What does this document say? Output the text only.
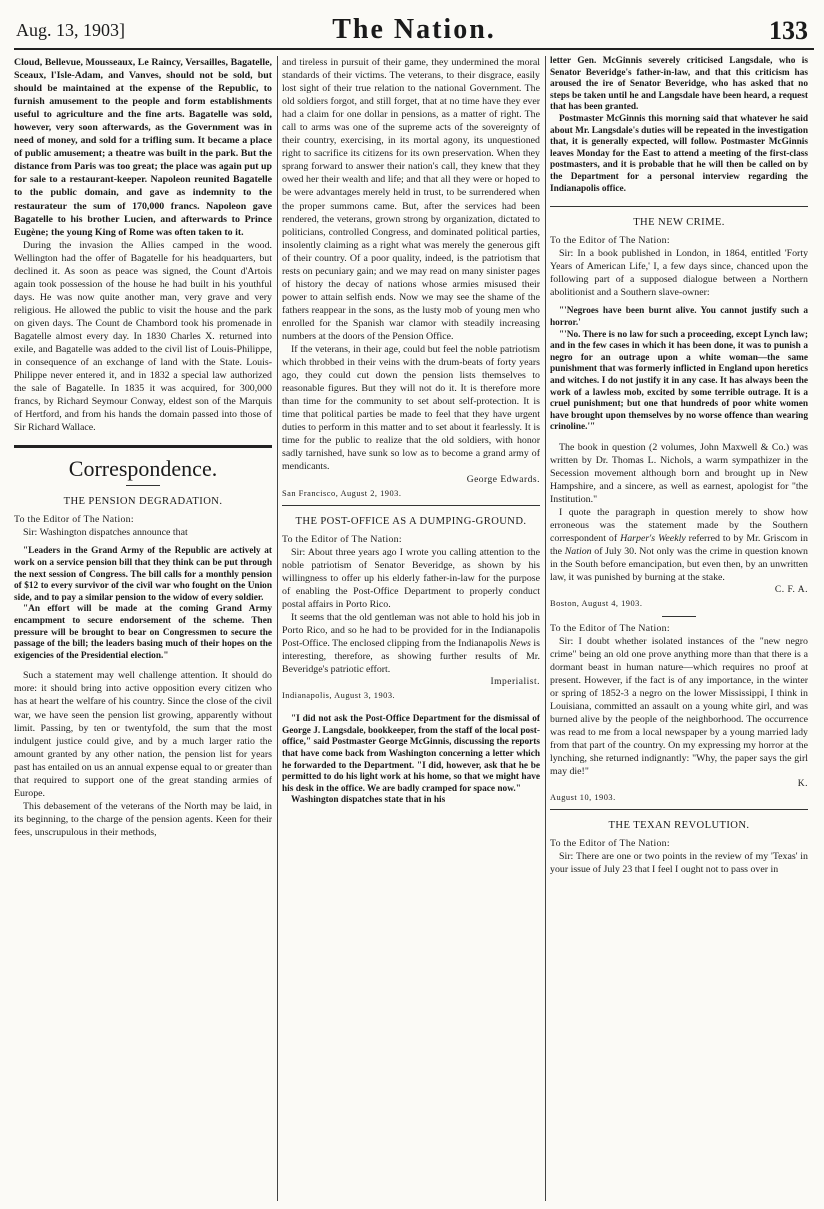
Aug. 13, 1903]	The Nation.	133

Cloud, Bellevue, Mousseaux, Le Raincy, Versailles, Bagatelle, Sceaux, l'Isle-Adam, and Vanves, should not be sold, but should be maintained at the expense of the Republic, to furnish amusement to the people and form establishments useful to agriculture and the fine arts. Bagatelle was sold, however, very soon afterwards, as the Government was in need of money, and sold for a trifling sum. It became a place of public amusement; a theatre was built in the park. But the distance from Paris was too great; the place was again put up for sale to a restaurant-keeper. Napoleon reunited Bagatelle to the public domain, and gave as indemnity to the restaurateur the sum of 170,000 francs. Napoleon gave Bagatelle to his brother Lucien, and afterwards to Prince Eugène; the young King of Rome was often taken to it.

During the invasion the Allies camped in the wood. Wellington had the offer of Bagatelle for his headquarters, but declined it. As soon as peace was signed, the Count d'Artois again took possession of the house he had built in his youthful days. He was now quite another man, very grave and very religious. He allowed the public to visit the house and the park on given days. The Count de Chambord took his promenade in Bagatelle almost every day. In 1830 Charles X. returned into exile, and Bagatelle was added to the civil list of Louis-Philippe, in consequence of an exchange of land with the State. Louis-Philippe never entered it, and in 1832 a special law authorized the sale of Bagatelle. In 1835 it was acquired, for 300,000 francs, by Richard Seymour Conway, eldest son of the Marquis of Hertford, and from his hands the domain passed into those of Sir Richard Wallace.

Correspondence.
THE PENSION DEGRADATION.

To the Editor of The Nation:

Sir: Washington dispatches announce that

"Leaders in the Grand Army of the Republic are actively at work on a service pension bill that they think can be put through the next session of Congress. The bill calls for a monthly pension of $12 to every survivor of the civil war who fought on the Union side, and to pay a similar pension to the widow of every soldier.

"An effort will be made at the coming Grand Army encampment to secure endorsement of the scheme. Then pressure will be brought to bear on Congressmen to secure the passage of the bill; the leaders basing much of their hopes on the exigencies of the Presidential election."

Such a statement may well challenge attention. It should do more: it should bring into active opposition every citizen who has at heart the welfare of his country. Since the close of the civil war, we have seen the pension list growing, apparently without limit. Passing, by ten or twentyfold, the sum that the most indulgent justice could give, and by a much larger ratio the amount granted by any other nation, the pension list for years past has entailed on us an annual expense equal to or greater than that required to support one of the great standing armies of Europe.

This debasement of the veterans of the North may be laid, in its beginning, to the charge of the pension agents. Keen for their fees, unscrupulous in their methods,

and tireless in pursuit of their game, they undermined the moral standards of their victims. The veterans, to their disgrace, easily lost sight of their true relation to the national Government. The old soldiers forgot, and still forget, that at no time have they ever had a claim for one dollar in pensions, as a matter of right. The call to arms was one of the supreme acts of the sovereignty of their country, exercising, in its mortal agony, its unquestioned right to sacrifice its citizens for its own preservation. When they sprang forward to answer their nation's call, they knew that they owed her their wealth and life; and that all they were or hoped to be were advantages merely held in trust, to be surrendered when the proper summons came. But, after the services had been rendered, the veterans, grown strong by organization, dictated to politicians, controlled Congress, and dominated political parties, insolently claiming as a right what was merely the generous gift of their country. Of a poor quality, indeed, is the patriotism that rests on pecuniary gain; and we may read on many sinister pages of history the decay of nations whose armies misused their power to attain selfish ends. Now we may see the shame of the fathers reappear in the sons, as the lusty mob of young men who enrolled for the Spanish war clamor with steadily increasing numbers at the doors of the Pension Office.

If the veterans, in their age, could but feel the noble patriotism which throbbed in their veins with the drum-beats of forty years ago, they could cut down the pension lists themselves to reasonable figures. But they will not do it. It is therefore more than time for the community to set about self-protection. It is time that political parties be made to feel that they have urgent duties to perform in this matter and to set about it fearlessly. It is time for the public to realize that the old soldiers, with honor sadly tarnished, have sunk so low as to become a grand army of mendicants.

George Edwards.

San Francisco, August 2, 1903.

THE POST-OFFICE AS A DUMPING-GROUND.

To the Editor of The Nation:

Sir: About three years ago I wrote you calling attention to the noble patriotism of Senator Beveridge, as shown by his willingness to offer up his elderly father-in-law for the purpose of enabling the Post-Office Department to properly conduct postal affairs in Porto Rico.

It seems that the old gentleman was not able to hold his job in Porto Rico, and so he had to be provided for in the Indianapolis Post-Office. The enclosed clipping from the Indianapolis News is interesting, therefore, as showing further results of Mr. Beveridge's patriotic effort.

Imperialist.

Indianapolis, August 3, 1903.

"I did not ask the Post-Office Department for the dismissal of George J. Langsdale, bookkeeper, from the staff of the local post-office," said Postmaster George McGinnis, discussing the reports that have come back from Washington concerning a letter which he forwarded to the Department. "I did, however, ask that he be permitted to do his light work at his home, so that we might have his desk in the office. We are badly cramped for space now."

Washington dispatches state that in his

letter Gen. McGinnis severely criticised Langsdale, who is Senator Beveridge's father-in-law, and that this criticism has aroused the ire of Senator Beveridge, who has asked that no steps be taken until he and Langsdale have been heard, a request that has been granted.

Postmaster McGinnis this morning said that whatever he said about Mr. Langsdale's duties will be repeated in the investigation that, it is generally expected, will follow. Postmaster McGinnis leaves Monday for the East to attend a meeting of the first-class postmasters, and it is probable that he will then be called on by the Department for a personal interview regarding the Indianapolis office.

THE NEW CRIME.

To the Editor of The Nation:

Sir: In a book published in London, in 1864, entitled 'Forty Years of American Life,' I, a few days since, chanced upon the following part of a supposed dialogue between a Northern abolitionist and a Southern slave-owner:

"'Negroes have been burnt alive. You cannot justify such a horror.'

"'No. There is no law for such a proceeding, except Lynch law; and in the few cases in which it has been done, it was to punish a negro for an outrage upon a white woman—the same punishment that was formerly inflicted in England upon heretics and witches. I do not justify it in any case. It has always been the work of a lawless mob, excited by some terrible outrage. It is a cruel punishment; but one that hundreds of poor white women have brought upon themselves by no worse offence than wearing crinoline.'"

The book in question (2 volumes, John Maxwell & Co.) was written by Dr. Thomas L. Nichols, a warm sympathizer in the Secession movement although born and brought up in New Hampshire, and a sincere, as well as earnest, apologist for "the Institution."

I quote the paragraph in question merely to show how erroneous was the statement made by the Southern correspondent of Harper's Weekly referred to by Mr. Griscom in the Nation of July 30. Not only was the crime in question known in the South before emancipation, but even then, by an unwritten law, it was punished by burning at the stake.

C. F. A.

Boston, August 4, 1903.

To the Editor of The Nation:

Sir: I doubt whether isolated instances of the "new negro crime" being an old one prove anything more than that there is a dormant beast in human nature—which requires no proof at present. However, if the fact is of any importance, in the winter or spring of 1852-3 a negro on the lower Mississippi, I think in Louisiana, committed an assault on a young white girl, and was burned alive by the people of the neighborhood. The occurrence was read to me from a local newspaper by a young married lady from that part of the country. On my expressing my horror at the lynching, she returned indignantly: "Why, the paper says the girl may die!"

K.

August 10, 1903.

THE TEXAN REVOLUTION.

To the Editor of The Nation:

Sir: There are one or two points in the review of my 'Texas' in your issue of July 23 that I feel I ought not to pass over in
